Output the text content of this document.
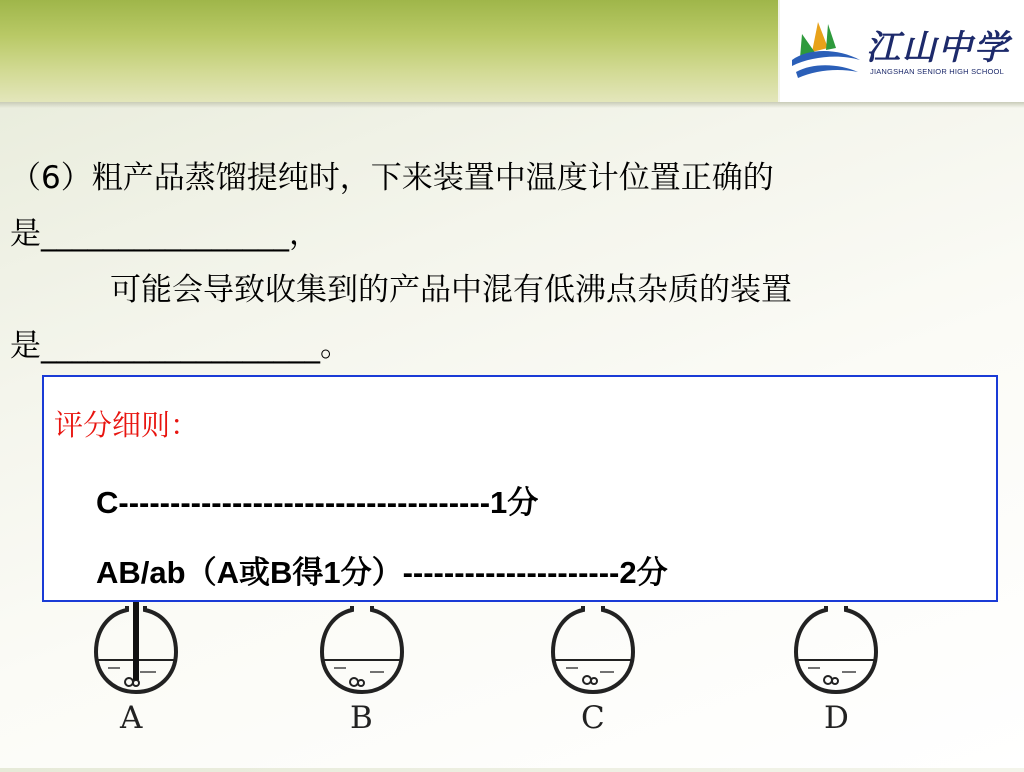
江山中学
JIANGSHAN SENIOR HIGH SCHOOL

（6）粗产品蒸馏提纯时，下来装置中温度计位置正确的

是________________，

可能会导致收集到的产品中混有低沸点杂质的装置

是__________________。

A	B	C	D
评分细则：
C------------------------------------1分
AB/ab（A或B得1分）---------------------2分
